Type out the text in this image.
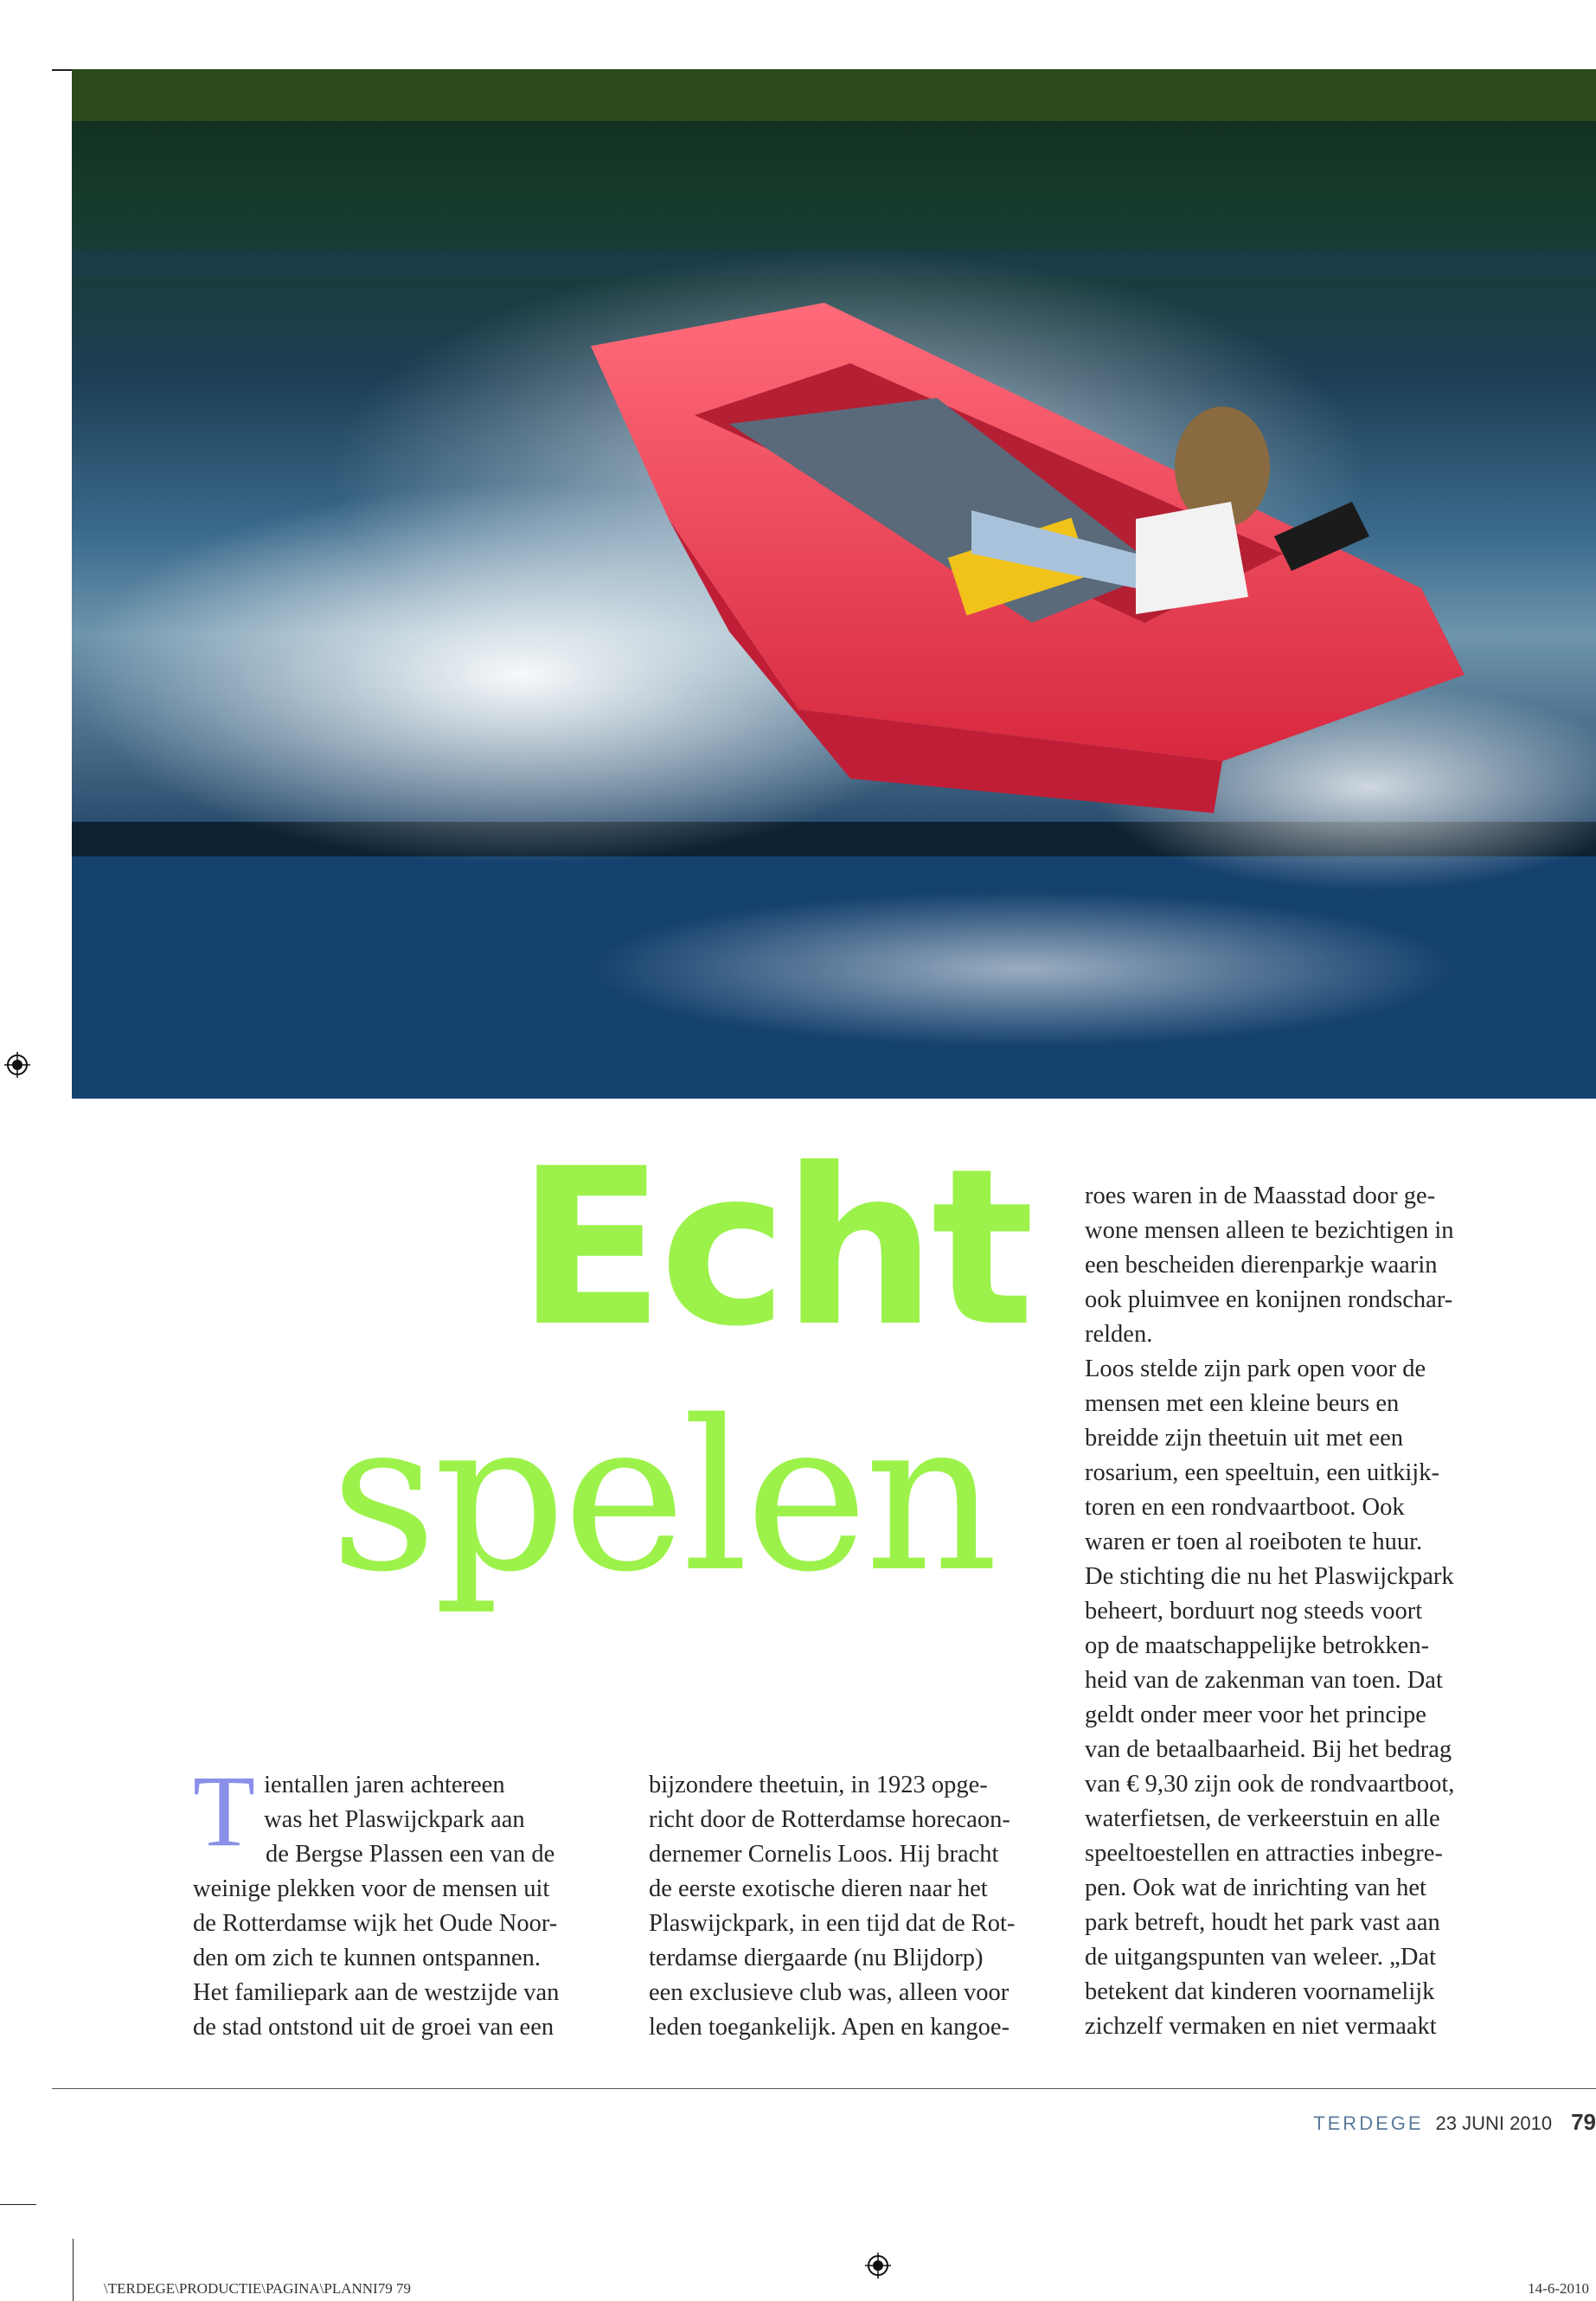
Echt
spelen
T ientallen jaren achtereen

was het Plaswijckpark aan

de Bergse Plassen een van de

weinige plekken voor de mensen uit

de Rotterdamse wijk het Oude Noor-

den om zich te kunnen ontspannen.

Het familiepark aan de westzijde van

de stad ontstond uit de groei van een

bijzondere theetuin, in 1923 opge-

richt door de Rotterdamse horecaon-

dernemer Cornelis Loos. Hij bracht

de eerste exotische dieren naar het

Plaswijckpark, in een tijd dat de Rot-

terdamse diergaarde (nu Blijdorp)

een exclusieve club was, alleen voor

leden toegankelijk. Apen en kangoe-

roes waren in de Maasstad door ge-

wone mensen alleen te bezichtigen in

een bescheiden dierenparkje waarin

ook pluimvee en konijnen rondschar-

relden.

Loos stelde zijn park open voor de

mensen met een kleine beurs en

breidde zijn theetuin uit met een

rosarium, een speeltuin, een uitkijk-

toren en een rondvaartboot. Ook

waren er toen al roeiboten te huur.

De stichting die nu het Plaswijckpark

beheert, borduurt nog steeds voort

op de maatschappelijke betrokken-

heid van de zakenman van toen. Dat

geldt onder meer voor het principe

van de betaalbaarheid. Bij het bedrag

van € 9,30 zijn ook de rondvaartboot,

waterfietsen, de verkeerstuin en alle

speeltoestellen en attracties inbegre-

pen. Ook wat de inrichting van het

park betreft, houdt het park vast aan

de uitgangspunten van weleer. „Dat

betekent dat kinderen voornamelijk

zichzelf vermaken en niet vermaakt

TERDEGE 23 JUNI 2010 79
\TERDEGE\PRODUCTIE\PAGINA\PLANNI79 79	14-6-2010
